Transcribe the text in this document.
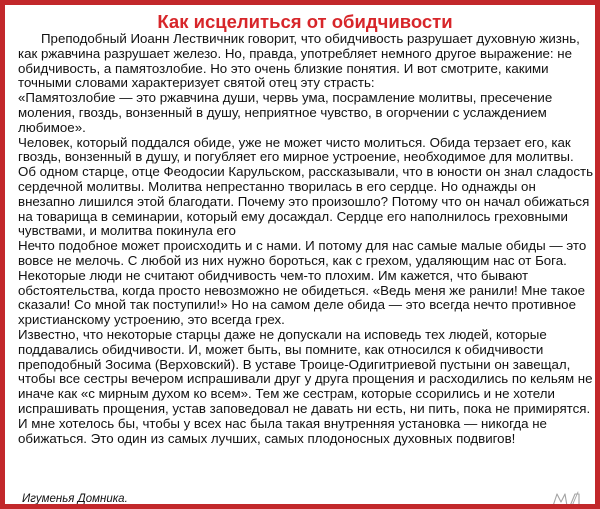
Как исцелиться от обидчивости

Преподобный Иоанн Лествичник говорит, что обидчивость разрушает духовную жизнь, как ржавчина разрушает железо. Но, правда, употребляет немного другое выражение: не обидчивость, а памятозлобие. Но это очень близкие понятия. И вот смотрите, какими точными словами характеризует святой отец эту страсть:

«Памятозлобие — это ржавчина души, червь ума, посрамление молитвы, пресечение моления, гвоздь, вонзенный в душу, неприятное чувство, в огорчении с услаждением любимое».

Человек, который поддался обиде, уже не может чисто молиться. Обида терзает его, как гвоздь, вонзенный в душу, и погубляет его мирное устроение, необходимое для молитвы.

Об одном старце, отце Феодосии Карульском, рассказывали, что в юности он знал сладость сердечной молитвы. Молитва непрестанно творилась в его сердце. Но однажды он внезапно лишился этой благодати. Почему это произошло? Потому что он начал обижаться на товарища в семинарии, который ему досаждал. Сердце его наполнилось греховными чувствами, и молитва покинула его

Нечто подобное может происходить и с нами. И потому для нас самые малые обиды — это вовсе не мелочь. С любой из них нужно бороться, как с грехом, удаляющим нас от Бога.

Некоторые люди не считают обидчивость чем-то плохим. Им кажется, что бывают обстоятельства, когда просто невозможно не обидеться. «Ведь меня же ранили! Мне такое сказали! Со мной так поступили!» Но на самом деле обида — это всегда нечто противное христианскому устроению, это всегда грех.

Известно, что некоторые старцы даже не допускали на исповедь тех людей, которые поддавались обидчивости. И, может быть, вы помните, как относился к обидчивости преподобный Зосима (Верховский). В уставе Троице-Одигитриевой пустыни он завещал, чтобы все сестры вечером испрашивали друг у друга прощения и расходились по кельям не иначе как «с мирным духом ко всем». Тем же сестрам, которые ссорились и не хотели испрашивать прощения, устав заповедовал не давать ни есть, ни пить, пока не примирятся.

И мне хотелось бы, чтобы у всех нас была такая внутренняя установка — никогда не обижаться. Это один из самых лучших, самых плодоносных духовных подвигов!

Игуменья Домника.
